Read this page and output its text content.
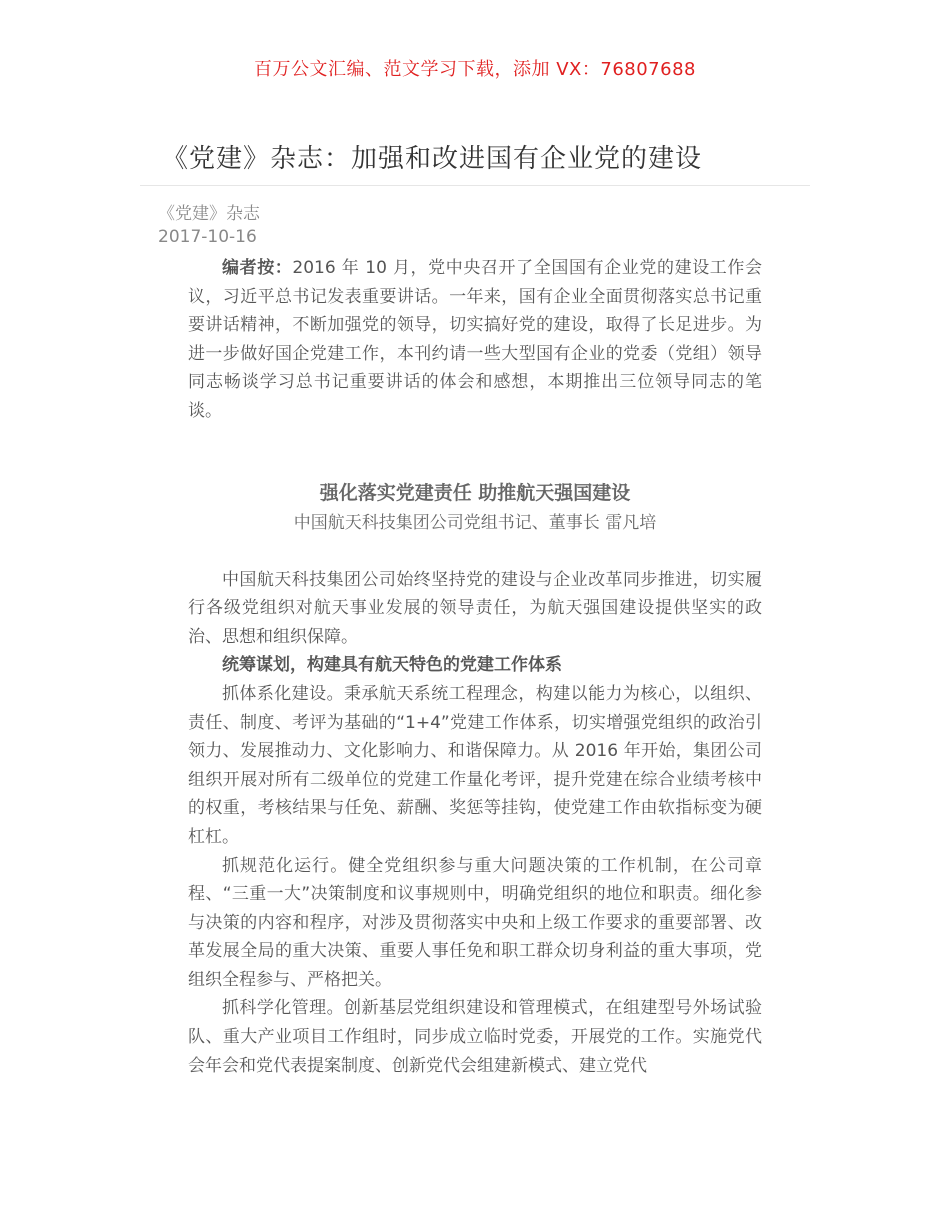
百万公文汇编、范文学习下载，添加 VX：76807688
《党建》杂志：加强和改进国有企业党的建设
《党建》杂志
2017-10-16

编者按：2016 年 10 月，党中央召开了全国国有企业党的建设工作会议，习近平总书记发表重要讲话。一年来，国有企业全面贯彻落实总书记重要讲话精神，不断加强党的领导，切实搞好党的建设，取得了长足进步。为进一步做好国企党建工作，本刊约请一些大型国有企业的党委（党组）领导同志畅谈学习总书记重要讲话的体会和感想，本期推出三位领导同志的笔谈。

强化落实党建责任 助推航天强国建设
中国航天科技集团公司党组书记、董事长 雷凡培

中国航天科技集团公司始终坚持党的建设与企业改革同步推进，切实履行各级党组织对航天事业发展的领导责任，为航天强国建设提供坚实的政治、思想和组织保障。

统筹谋划，构建具有航天特色的党建工作体系

抓体系化建设。秉承航天系统工程理念，构建以能力为核心，以组织、责任、制度、考评为基础的“1+4”党建工作体系，切实增强党组织的政治引领力、发展推动力、文化影响力、和谐保障力。从 2016 年开始，集团公司组织开展对所有二级单位的党建工作量化考评，提升党建在综合业绩考核中的权重，考核结果与任免、薪酬、奖惩等挂钩，使党建工作由软指标变为硬杠杠。

抓规范化运行。健全党组织参与重大问题决策的工作机制，在公司章程、“三重一大”决策制度和议事规则中，明确党组织的地位和职责。细化参与决策的内容和程序，对涉及贯彻落实中央和上级工作要求的重要部署、改革发展全局的重大决策、重要人事任免和职工群众切身利益的重大事项，党组织全程参与、严格把关。

抓科学化管理。创新基层党组织建设和管理模式，在组建型号外场试验队、重大产业项目工作组时，同步成立临时党委，开展党的工作。实施党代会年会和党代表提案制度、创新党代会组建新模式、建立党代
